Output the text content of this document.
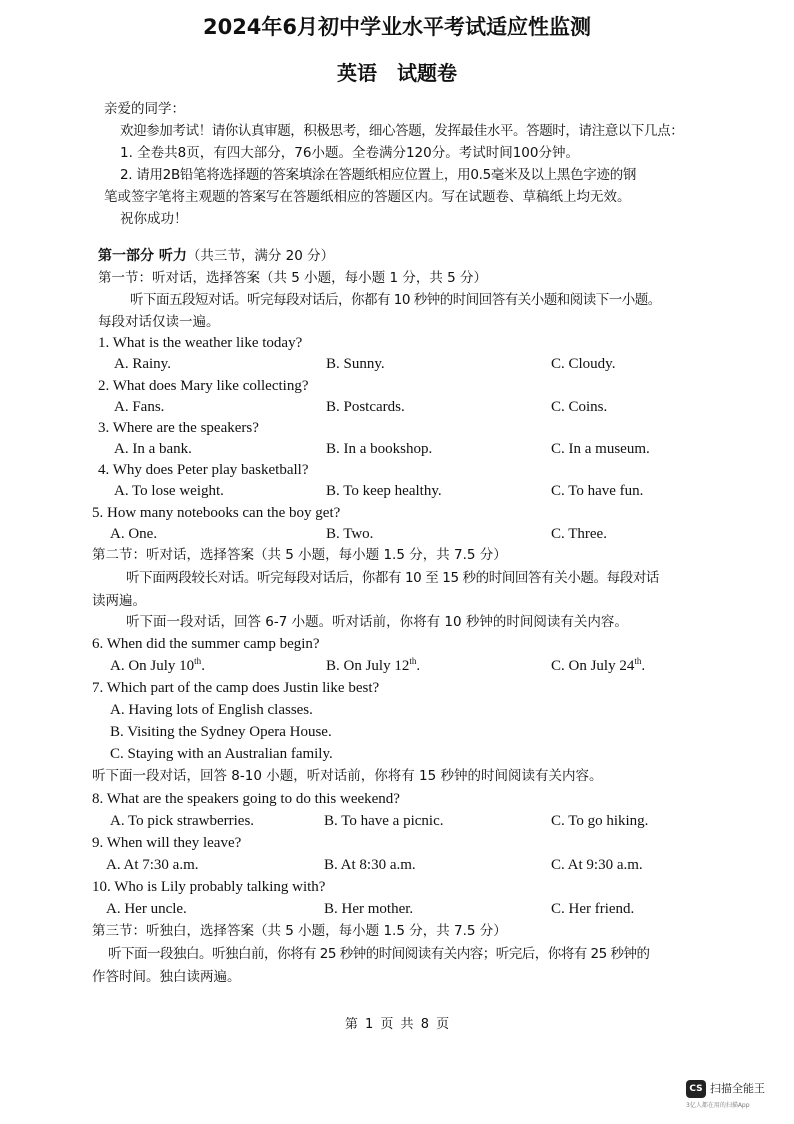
2024年6月初中学业水平考试适应性监测
英语　试题卷
亲爱的同学：
欢迎参加考试！请你认真审题，积极思考，细心答题，发挥最佳水平。答题时，请注意以下几点：
1. 全卷共8页，有四大部分，76小题。全卷满分120分。考试时间100分钟。
2. 请用2B铅笔将选择题的答案填涂在答题纸相应位置上，用0.5毫米及以上黑色字迹的钢
笔或签字笔将主观题的答案写在答题纸相应的答题区内。写在试题卷、草稿纸上均无效。
祝你成功！
第一部分 听力（共三节，满分 20 分）
第一节：听对话，选择答案（共 5 小题，每小题 1 分，共 5 分）
听下面五段短对话。听完每段对话后，你都有 10 秒钟的时间回答有关小题和阅读下一小题。
每段对话仅读一遍。
1. What is the weather like today?
A. Rainy.	B. Sunny.	C. Cloudy.
2. What does Mary like collecting?
A. Fans.	B. Postcards.	C. Coins.
3. Where are the speakers?
A. In a bank.	B. In a bookshop.	C. In a museum.
4. Why does Peter play basketball?
A. To lose weight.	B. To keep healthy.	C. To have fun.
5. How many notebooks can the boy get?
A. One.	B. Two.	C. Three.
第二节：听对话，选择答案（共 5 小题，每小题 1.5 分，共 7.5 分）
听下面两段较长对话。听完每段对话后，你都有 10 至 15 秒的时间回答有关小题。每段对话
读两遍。
听下面一段对话，回答 6-7 小题。听对话前，你将有 10 秒钟的时间阅读有关内容。
6. When did the summer camp begin?
A. On July 10th.	B. On July 12th.	C. On July 24th.
7. Which part of the camp does Justin like best?
A. Having lots of English classes.
B. Visiting the Sydney Opera House.
C. Staying with an Australian family.
听下面一段对话，回答 8-10 小题，听对话前，你将有 15 秒钟的时间阅读有关内容。
8. What are the speakers going to do this weekend?
A. To pick strawberries.	B. To have a picnic.	C. To go hiking.
9. When will they leave?
A. At 7:30 a.m.	B. At 8:30 a.m.	C. At 9:30 a.m.
10. Who is Lily probably talking with?
A. Her uncle.	B. Her mother.	C. Her friend.
第三节：听独白，选择答案（共 5 小题，每小题 1.5 分，共 7.5 分）
听下面一段独白。听独白前，你将有 25 秒钟的时间阅读有关内容；听完后，你将有 25 秒钟的
作答时间。独白读两遍。
第 1 页 共 8 页
CS 扫描全能王
3亿人都在用的扫描App
